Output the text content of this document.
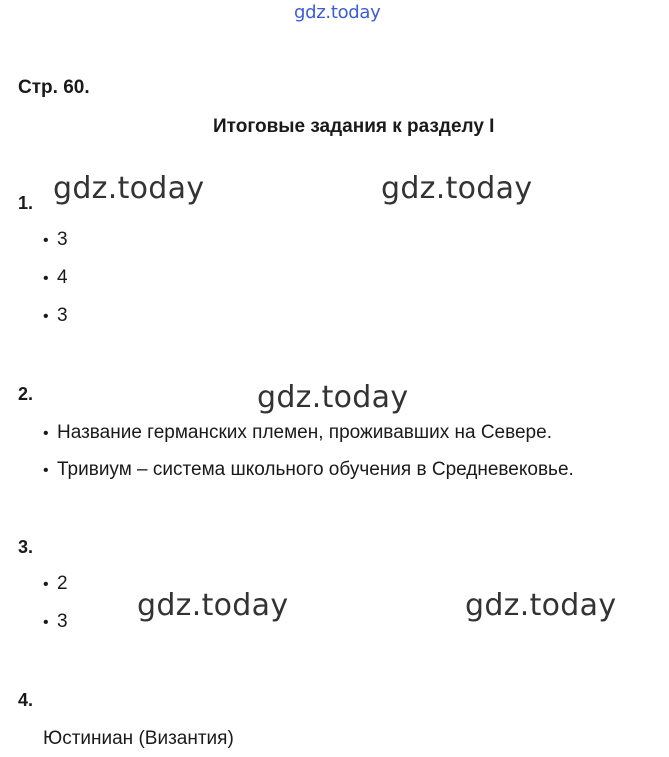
gdz.today
Стр. 60.
Итоговые задания к разделу I
1. gdz.today	gdz.today
• 3
• 4
• 3
2.	gdz.today
• Название германских племен, проживавших на Севере.
• Тривиум – система школьного обучения в Средневековье.
3.
• 2
• 3 gdz.today	gdz.today
4.
Юстиниан (Византия)
